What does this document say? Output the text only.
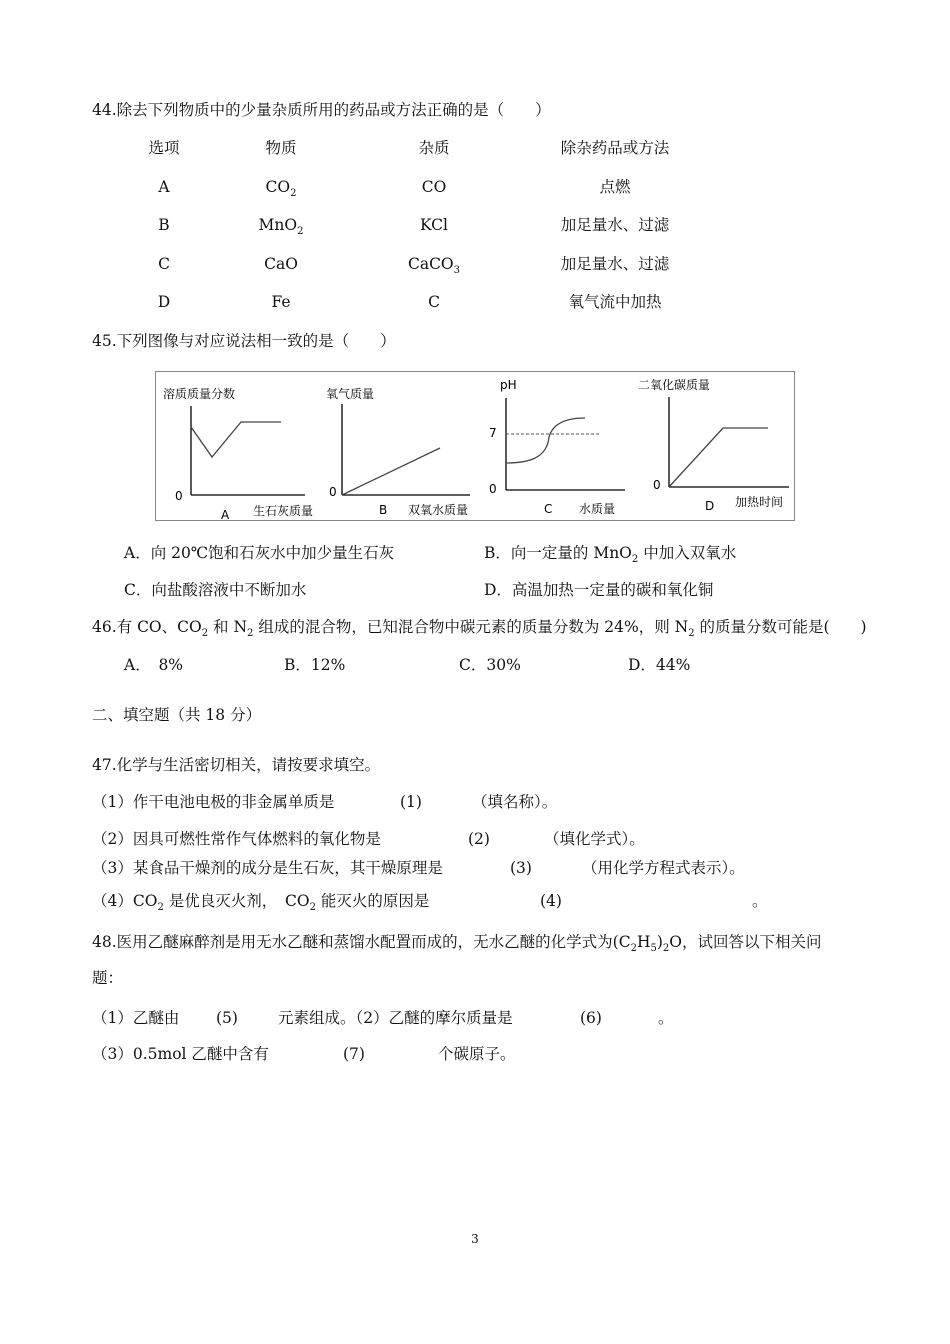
44.除去下列物质中的少量杂质所用的药品或方法正确的是（　　）
选项	物质	杂质	除杂药品或方法
A	$CO_2$	CO	点燃
B	MnO$_2$	KCl	加足量水、过滤
C	CaO	CaCO$_3$	加足量水、过滤
D	Fe	C	氧气流中加热
45.下列图像与对应说法相一致的是（　　）
溶质质量分数
0
A 生石灰质量
氧气质量
0
B 双氧水质量
pH
7
0
C 水质量
二氧化碳质量
0
D 加热时间
A．向 20℃饱和石灰水中加少量生石灰	B．向一定量的 MnO$_2$ 中加入双氧水
C．向盐酸溶液中不断加水	D．高温加热一定量的碳和氧化铜
46.有 CO、$CO_2$ 和 $N_2$ 组成的混合物，已知混合物中碳元素的质量分数为 24%，则 $N_2$ 的质量分数可能是(　　)
A．　8%	B．12%	C．30%	D．44%
二、填空题（共 18 分）
47.化学与生活密切相关，请按要求填空。
（1）作干电池电极的非金属单质是	(1)	（填名称）。
（2）因具可燃性常作气体燃料的氧化物是	(2)	（填化学式）。
（3）某食品干燥剂的成分是生石灰，其干燥原理是	(3)	（用化学方程式表示）。
$(4)CO_2$ 是优良灭火剂，　$CO_2$ 能灭火的原因是	(4)	。
48.医用乙醚麻醉剂是用无水乙醚和蒸馏水配置而成的，无水乙醚的化学式为$(C_2H_5)_2O$，试回答以下相关问
题：
（1）乙醚由 (5)	元素组成。（2）乙醚的摩尔质量是	(6)	。
（3）0.5mol 乙醚中含有	(7)	个碳原子。
3
